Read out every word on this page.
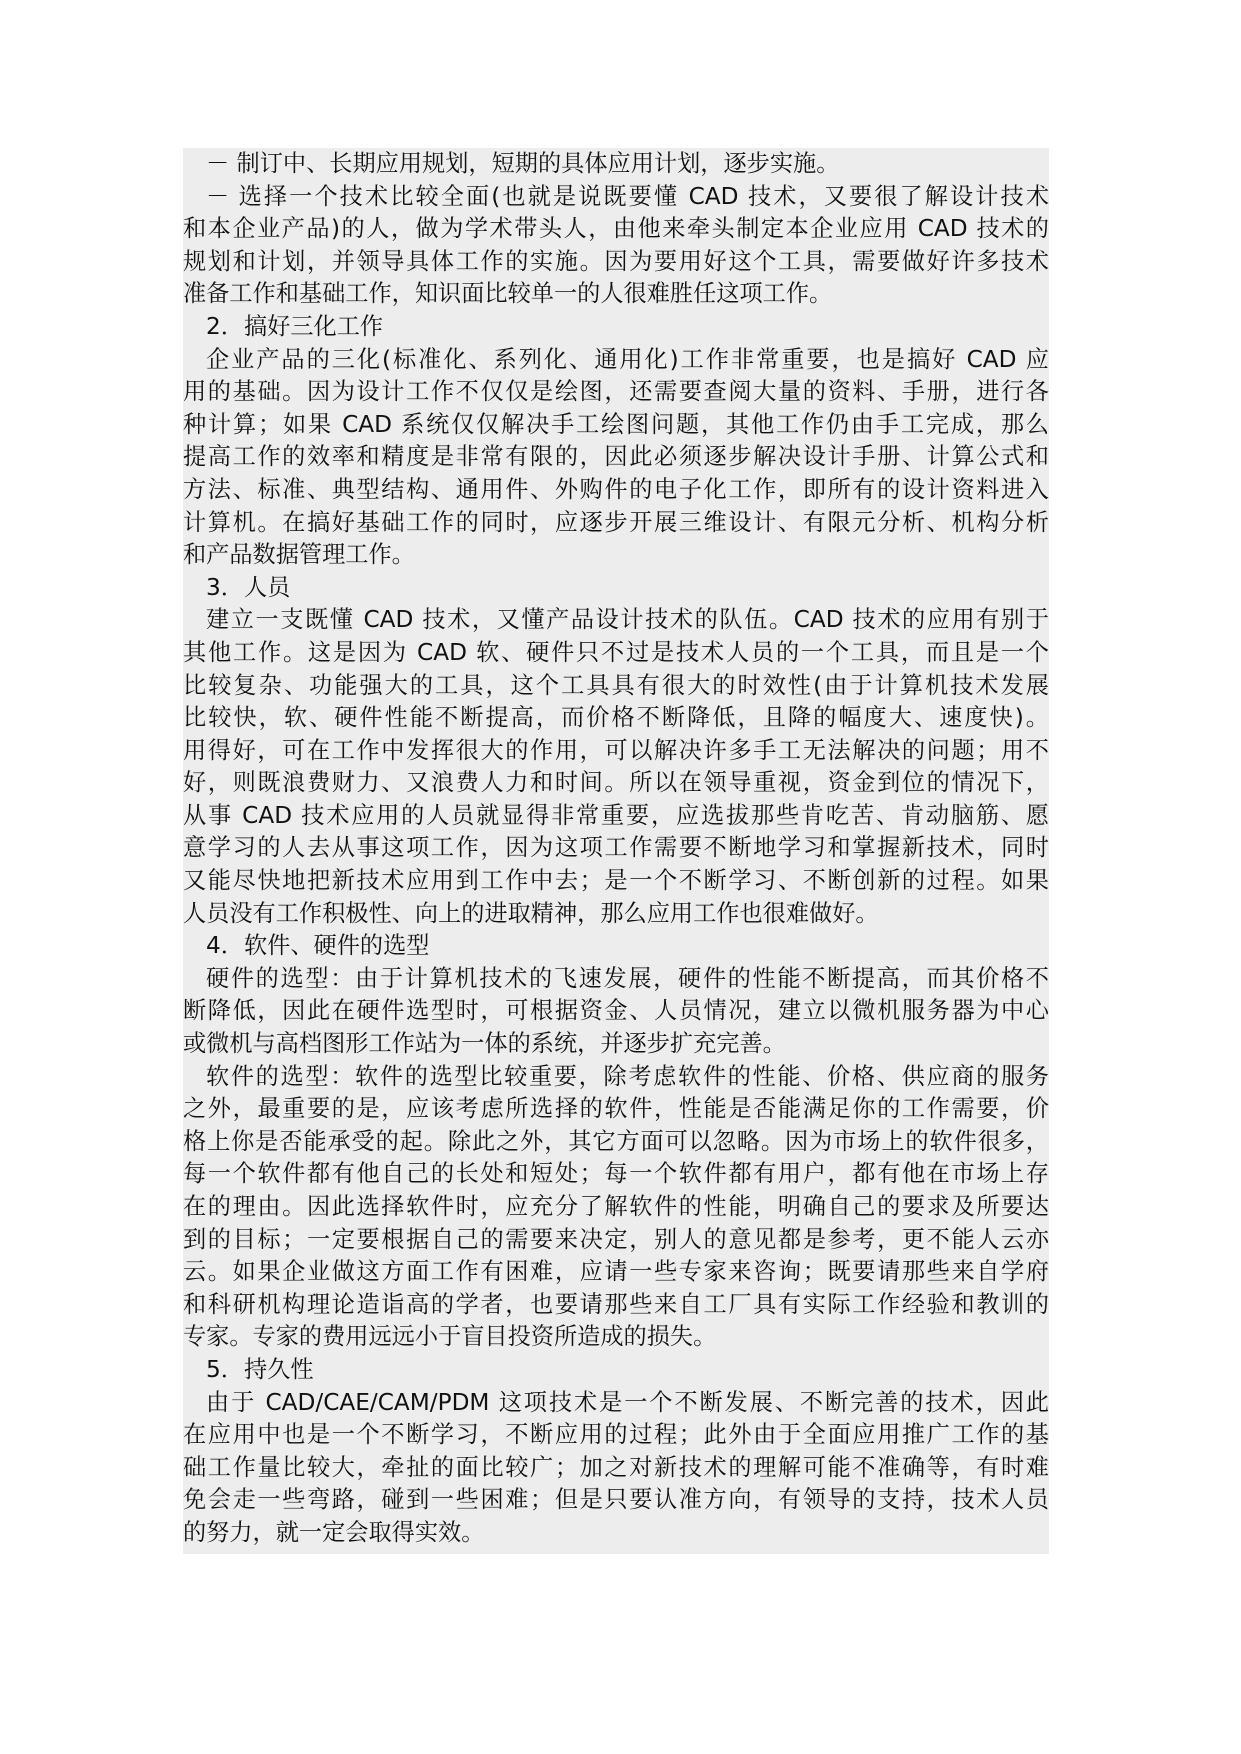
－ 制订中、长期应用规划，短期的具体应用计划，逐步实施。
－ 选择一个技术比较全面(也就是说既要懂 CAD 技术，又要很了解设计技术
和本企业产品)的人，做为学术带头人，由他来牵头制定本企业应用 CAD 技术的
规划和计划，并领导具体工作的实施。因为要用好这个工具，需要做好许多技术
准备工作和基础工作，知识面比较单一的人很难胜任这项工作。
2．搞好三化工作
企业产品的三化(标准化、系列化、通用化)工作非常重要，也是搞好 CAD 应
用的基础。因为设计工作不仅仅是绘图，还需要查阅大量的资料、手册，进行各
种计算；如果 CAD 系统仅仅解决手工绘图问题，其他工作仍由手工完成，那么
提高工作的效率和精度是非常有限的，因此必须逐步解决设计手册、计算公式和
方法、标准、典型结构、通用件、外购件的电子化工作，即所有的设计资料进入
计算机。在搞好基础工作的同时，应逐步开展三维设计、有限元分析、机构分析
和产品数据管理工作。
3．人员
建立一支既懂 CAD 技术，又懂产品设计技术的队伍。CAD 技术的应用有别于
其他工作。这是因为 CAD 软、硬件只不过是技术人员的一个工具，而且是一个
比较复杂、功能强大的工具，这个工具具有很大的时效性(由于计算机技术发展
比较快，软、硬件性能不断提高，而价格不断降低，且降的幅度大、速度快)。
用得好，可在工作中发挥很大的作用，可以解决许多手工无法解决的问题；用不
好，则既浪费财力、又浪费人力和时间。所以在领导重视，资金到位的情况下，
从事 CAD 技术应用的人员就显得非常重要，应选拔那些肯吃苦、肯动脑筋、愿
意学习的人去从事这项工作，因为这项工作需要不断地学习和掌握新技术，同时
又能尽快地把新技术应用到工作中去；是一个不断学习、不断创新的过程。如果
人员没有工作积极性、向上的进取精神，那么应用工作也很难做好。
4．软件、硬件的选型
硬件的选型：由于计算机技术的飞速发展，硬件的性能不断提高，而其价格不
断降低，因此在硬件选型时，可根据资金、人员情况，建立以微机服务器为中心
或微机与高档图形工作站为一体的系统，并逐步扩充完善。
软件的选型：软件的选型比较重要，除考虑软件的性能、价格、供应商的服务
之外，最重要的是，应该考虑所选择的软件，性能是否能满足你的工作需要，价
格上你是否能承受的起。除此之外，其它方面可以忽略。因为市场上的软件很多，
每一个软件都有他自己的长处和短处；每一个软件都有用户，都有他在市场上存
在的理由。因此选择软件时，应充分了解软件的性能，明确自己的要求及所要达
到的目标；一定要根据自己的需要来决定，别人的意见都是参考，更不能人云亦
云。如果企业做这方面工作有困难，应请一些专家来咨询；既要请那些来自学府
和科研机构理论造诣高的学者，也要请那些来自工厂具有实际工作经验和教训的
专家。专家的费用远远小于盲目投资所造成的损失。
5．持久性
由于 CAD/CAE/CAM/PDM 这项技术是一个不断发展、不断完善的技术，因此
在应用中也是一个不断学习，不断应用的过程；此外由于全面应用推广工作的基
础工作量比较大，牵扯的面比较广；加之对新技术的理解可能不准确等，有时难
免会走一些弯路，碰到一些困难；但是只要认准方向，有领导的支持，技术人员
的努力，就一定会取得实效。
